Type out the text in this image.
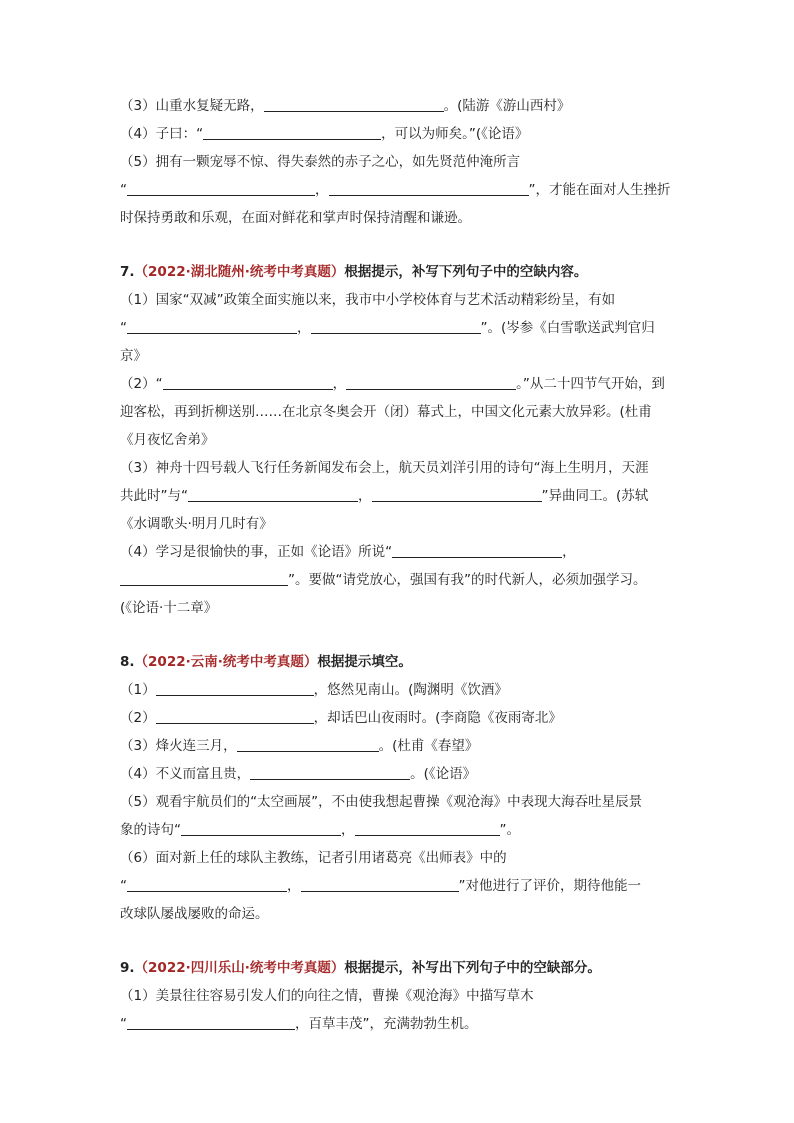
（3）山重水复疑无路，	。(陆游《游山西村》
（4）子曰：“	，可以为师矣。”(《论语》
（5）拥有一颗宠辱不惊、得失泰然的赤子之心，如先贤范仲淹所言
“	，	”，才能在面对人生挫折
时保持勇敢和乐观，在面对鲜花和掌声时保持清醒和谦逊。
7.（2022·湖北随州·统考中考真题）根据提示，补写下列句子中的空缺内容。
（1）国家“双减”政策全面实施以来，我市中小学校体育与艺术活动精彩纷呈，有如
“	，	”。(岑参《白雪歌送武判官归
京》
（2）“	，	。”从二十四节气开始，到
迎客松，再到折柳送别……在北京冬奥会开（闭）幕式上，中国文化元素大放异彩。(杜甫
《月夜忆舍弟》
（3）神舟十四号载人飞行任务新闻发布会上，航天员刘洋引用的诗句“海上生明月，天涯
共此时”与“	，	”异曲同工。(苏轼
《水调歌头·明月几时有》
（4）学习是很愉快的事，正如《论语》所说“	，
”。要做“请党放心，强国有我”的时代新人，必须加强学习。
(《论语·十二章》
8.（2022·云南·统考中考真题）根据提示填空。
（1）	，悠然见南山。(陶渊明《饮酒》
（2）	，却话巴山夜雨时。(李商隐《夜雨寄北》
（3）烽火连三月，	。(杜甫《春望》
（4）不义而富且贵，	。(《论语》
（5）观看宇航员们的“太空画展”，不由使我想起曹操《观沧海》中表现大海吞吐星辰景
象的诗句“	，	”。
（6）面对新上任的球队主教练，记者引用诸葛亮《出师表》中的
“	，	”对他进行了评价，期待他能一
改球队屡战屡败的命运。
9.（2022·四川乐山·统考中考真题）根据提示，补写出下列句子中的空缺部分。
（1）美景往往容易引发人们的向往之情，曹操《观沧海》中描写草木
“	，百草丰茂”，充满勃勃生机。
